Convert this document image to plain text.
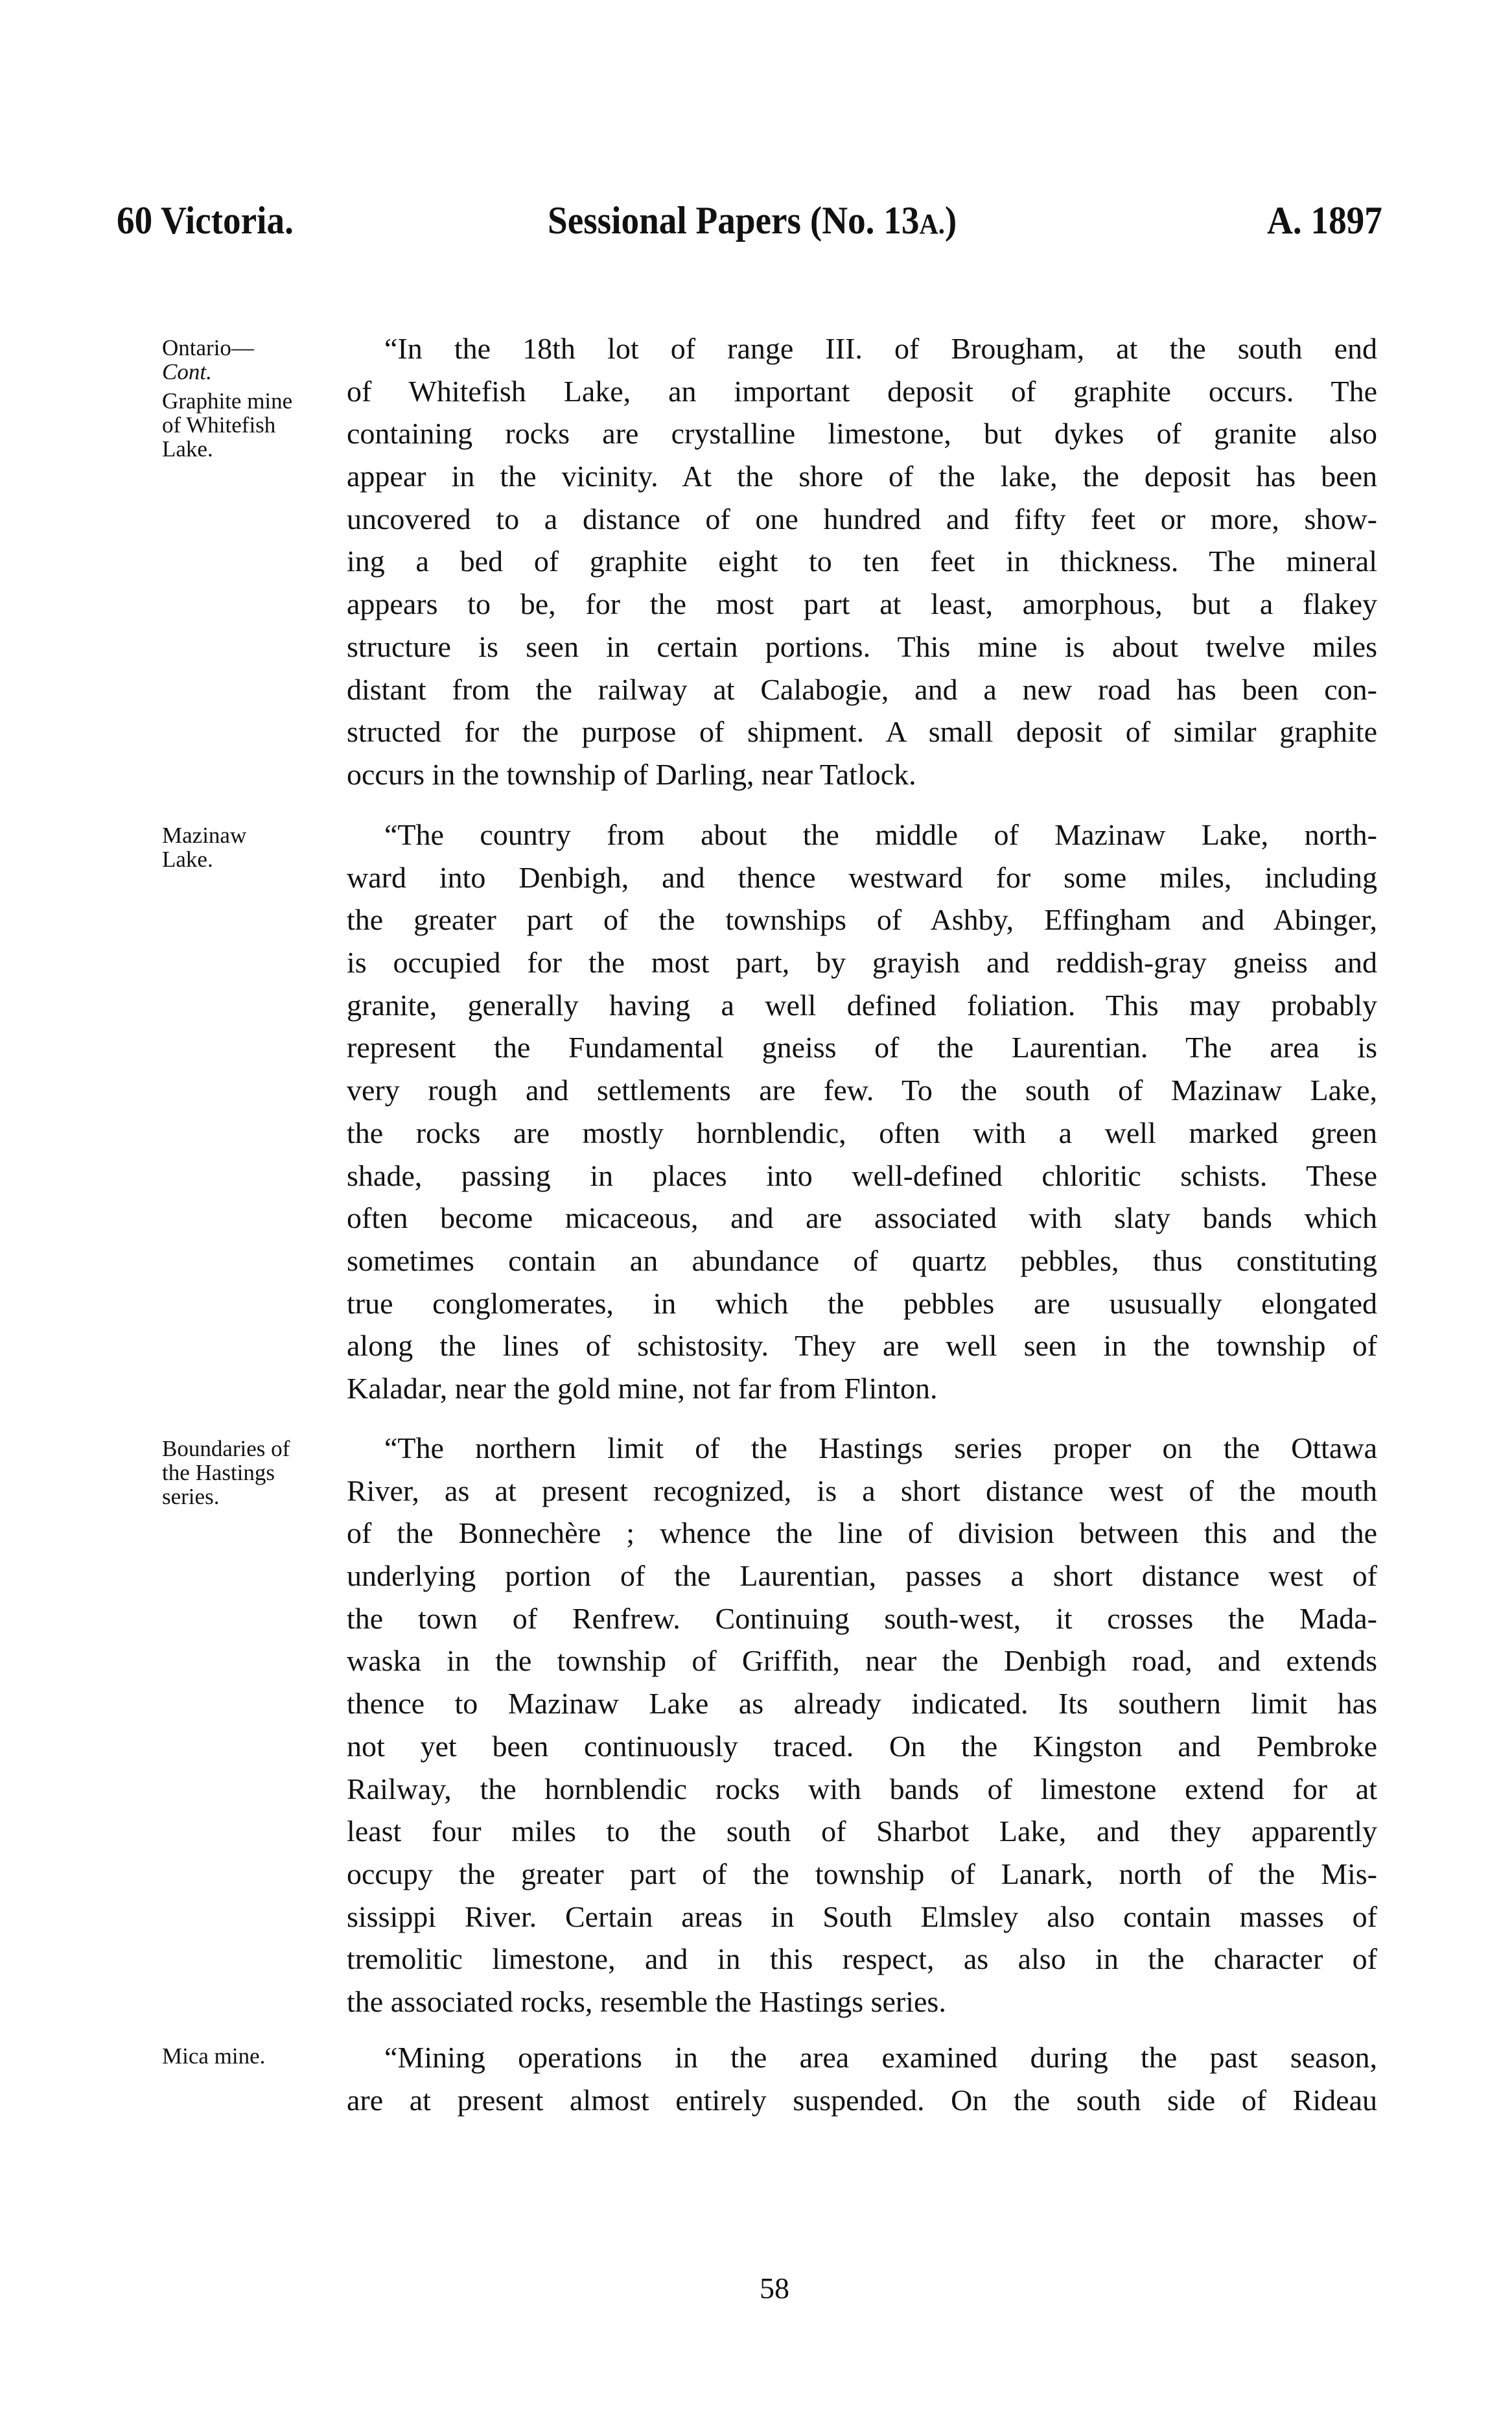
60 Victoria.	Sessional Papers (No. 13A.)	A. 1897
Ontario—
Cont.
Graphite mine
of Whitefish
Lake.
“In the 18th lot of range III. of Brougham, at the south end
of Whitefish Lake, an important deposit of graphite occurs. The
containing rocks are crystalline limestone, but dykes of granite also
appear in the vicinity. At the shore of the lake, the deposit has been
uncovered to a distance of one hundred and fifty feet or more, show-
ing a bed of graphite eight to ten feet in thickness. The mineral
appears to be, for the most part at least, amorphous, but a flakey
structure is seen in certain portions. This mine is about twelve miles
distant from the railway at Calabogie, and a new road has been con-
structed for the purpose of shipment. A small deposit of similar graphite
occurs in the township of Darling, near Tatlock.
Mazinaw
Lake.
“The country from about the middle of Mazinaw Lake, north-
ward into Denbigh, and thence westward for some miles, including
the greater part of the townships of Ashby, Effingham and Abinger,
is occupied for the most part, by grayish and reddish-gray gneiss and
granite, generally having a well defined foliation. This may probably
represent the Fundamental gneiss of the Laurentian. The area is
very rough and settlements are few. To the south of Mazinaw Lake,
the rocks are mostly hornblendic, often with a well marked green
shade, passing in places into well-defined chloritic schists. These
often become micaceous, and are associated with slaty bands which
sometimes contain an abundance of quartz pebbles, thus constituting
true conglomerates, in which the pebbles are ususually elongated
along the lines of schistosity. They are well seen in the township of
Kaladar, near the gold mine, not far from Flinton.
Boundaries of
the Hastings
series.
“The northern limit of the Hastings series proper on the Ottawa
River, as at present recognized, is a short distance west of the mouth
of the Bonnechère ; whence the line of division between this and the
underlying portion of the Laurentian, passes a short distance west of
the town of Renfrew. Continuing south-west, it crosses the Mada-
waska in the township of Griffith, near the Denbigh road, and extends
thence to Mazinaw Lake as already indicated. Its southern limit has
not yet been continuously traced. On the Kingston and Pembroke
Railway, the hornblendic rocks with bands of limestone extend for at
least four miles to the south of Sharbot Lake, and they apparently
occupy the greater part of the township of Lanark, north of the Mis-
sissippi River. Certain areas in South Elmsley also contain masses of
tremolitic limestone, and in this respect, as also in the character of
the associated rocks, resemble the Hastings series.
Mica mine.	“Mining operations in the area examined during the past season,
are at present almost entirely suspended. On the south side of Rideau
58
